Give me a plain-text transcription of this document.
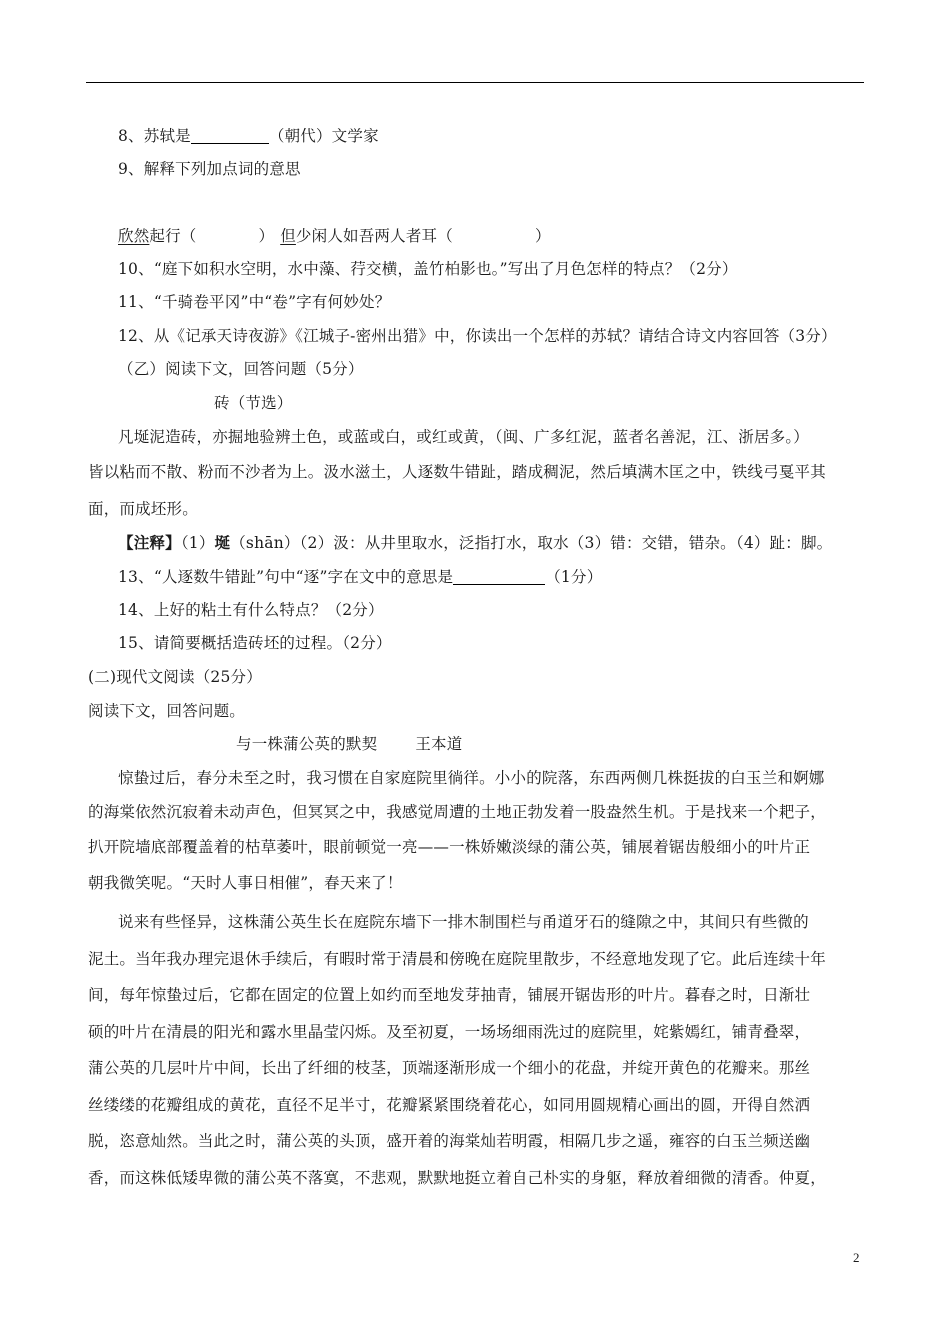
8、苏轼是	（朝代）文学家
9、解释下列加点词的意思
欣然起行（	） 但少闲人如吾两人者耳（	）
10、“庭下如积水空明，水中藻、荇交横，盖竹柏影也。”写出了月色怎样的特点？（2分）
11、“千骑卷平冈”中“卷”字有何妙处？
12、从《记承天诗夜游》《江城子-密州出猎》中，你读出一个怎样的苏轼？请结合诗文内容回答（3分）
（乙）阅读下文，回答问题（5分）
砖（节选）
凡埏泥造砖，亦掘地验辨土色，或蓝或白，或红或黄，（闽、广多红泥，蓝者名善泥，江、浙居多。）
皆以粘而不散、粉而不沙者为上。汲水滋土，人逐数牛错趾，踏成稠泥，然后填满木匡之中，铁线弓戛平其
面，而成坯形。
【注释】（1）埏（shān）（2）汲：从井里取水，泛指打水，取水（3）错：交错，错杂。（4）趾：脚。
13、“人逐数牛错趾”句中“逐”字在文中的意思是	（1分）
14、上好的粘土有什么特点？（2分）
15、请简要概括造砖坯的过程。（2分）
(二)现代文阅读（25分）
阅读下文，回答问题。
与一株蒲公英的默契 王本道
惊蛰过后，春分未至之时，我习惯在自家庭院里徜徉。小小的院落，东西两侧几株挺拔的白玉兰和婀娜
的海棠依然沉寂着未动声色，但冥冥之中，我感觉周遭的土地正勃发着一股盎然生机。于是找来一个耙子，
扒开院墙底部覆盖着的枯草萎叶，眼前顿觉一亮——一株娇嫩淡绿的蒲公英，铺展着锯齿般细小的叶片正
朝我微笑呢。“天时人事日相催”，春天来了！
说来有些怪异，这株蒲公英生长在庭院东墙下一排木制围栏与甬道牙石的缝隙之中，其间只有些微的
泥土。当年我办理完退休手续后，有暇时常于清晨和傍晚在庭院里散步，不经意地发现了它。此后连续十年
间，每年惊蛰过后，它都在固定的位置上如约而至地发芽抽青，铺展开锯齿形的叶片。暮春之时，日渐壮
硕的叶片在清晨的阳光和露水里晶莹闪烁。及至初夏，一场场细雨洗过的庭院里，姹紫嫣红，铺青叠翠，
蒲公英的几层叶片中间，长出了纤细的枝茎，顶端逐渐形成一个细小的花盘，并绽开黄色的花瓣来。那丝
丝缕缕的花瓣组成的黄花，直径不足半寸，花瓣紧紧围绕着花心，如同用圆规精心画出的圆，开得自然洒
脱，恣意灿然。当此之时，蒲公英的头顶，盛开着的海棠灿若明霞，相隔几步之遥，雍容的白玉兰频送幽
香，而这株低矮卑微的蒲公英不落寞，不悲观，默默地挺立着自己朴实的身躯，释放着细微的清香。仲夏，
2
